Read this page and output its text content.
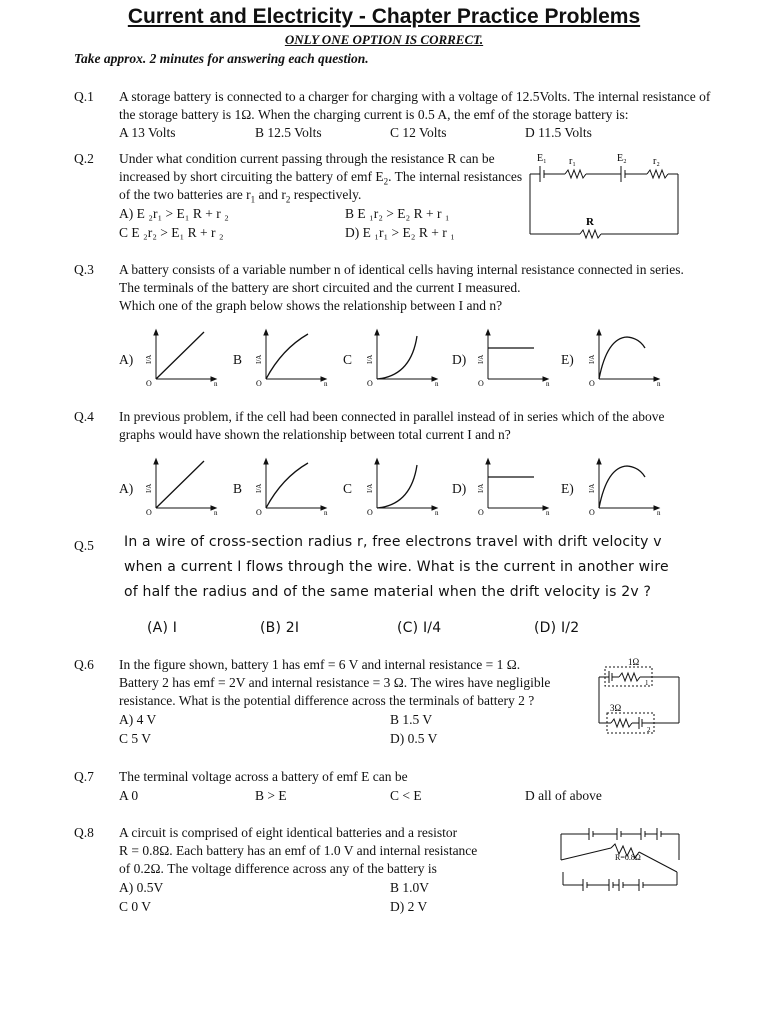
Current and Electricity - Chapter Practice Problems
ONLY ONE OPTION IS CORRECT.
Take approx. 2 minutes for answering each question.
Q.1 A storage battery is connected to a charger for charging with a voltage of 12.5Volts. The internal resistance of
the storage battery is 1Ω. When the charging current is 0.5 A, the emf of the storage battery is:
A 13 Volts	B 12.5 Volts	C 12 Volts	D 11.5 Volts
Q.2 Under what condition current passing through the resistance R can be
increased by short circuiting the battery of emf $E_2$. The internal resistances
of the two batteries are $r_1$ and $r_2$ respectively.
A) E ₂r₁ > E₁ R + r ₂	B E ₁r₂ > E₂ R + r ₁
C E ₂r₂ > E₁ R + r ₂	D) E ₁r₁ > E₂ R + r ₁
E₁ r₁	E₂	r₂
R
Q.3 A battery consists of a variable number n of identical cells having internal resistance connected in series.
The terminals of the battery are short circuited and the current I measured.
Which one of the graph below shows the relationship between I and n?
A)
O	n
I/A	B
O	n
I/A	C
O	n
I/A	D)
O	n
I/A	E)
O	n
I/A
Q.4 In previous problem, if the cell had been connected in parallel instead of in series which of the above
graphs would have shown the relationship between total current I and n?
A)
O	n
I/A	B
O	n
I/A	C
O	n
I/A	D)
O	n
I/A	E)
O	n
I/A
Q.5 In a wire of cross-section radius r, free electrons travel with drift velocity v
when a current I flows through the wire. What is the current in another wire
of half the radius and of the same material when the drift velocity is 2v ?
(A) I	(B) 2I	(C) I/4	(D) I/2
Q.6 In the figure shown, battery 1 has emf = 6 V and internal resistance = 1 Ω.
Battery 2 has emf = 2V and internal resistance = 3 Ω. The wires have negligible
resistance. What is the potential difference across the terminals of battery 2 ?
A) 4 V	B 1.5 V
C 5 V	D) 0.5 V
1Ω
3Ω
1
2
Q.7 The terminal voltage across a battery of emf E can be
A 0	B > E	C < E	D all of above
Q.8 A circuit is comprised of eight identical batteries and a resistor
R = 0.8Ω. Each battery has an emf of 1.0 V and internal resistance
of 0.2Ω. The voltage difference across any of the battery is
A) 0.5V	B 1.0V
C 0 V	D) 2 V
R=0.8Ω
